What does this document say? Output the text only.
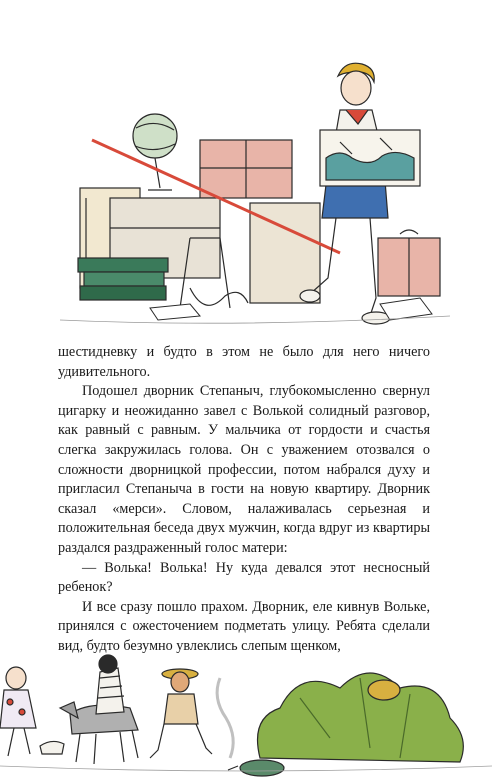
шестидневку и будто в этом не было для него ничего удивительного.

Подошел дворник Степаныч, глубокомысленно свернул цигарку и неожиданно завел с Волькой солидный разговор, как равный с равным. У мальчика от гордости и счастья слегка закружилась голова. Он с уважением отозвался о сложности дворницкой профессии, потом набрался духу и пригласил Степаныча в гости на новую квартиру. Дворник сказал «мерси». Словом, налаживалась серьезная и положительная беседа двух мужчин, когда вдруг из квартиры раздался раздраженный голос матери:

— Волька! Волька! Ну куда девался этот несносный ребенок?

И все сразу пошло прахом. Дворник, еле кивнув Вольке, принялся с ожесточением подметать улицу. Ребята сделали вид, будто безумно увлеклись слепым щенком,
